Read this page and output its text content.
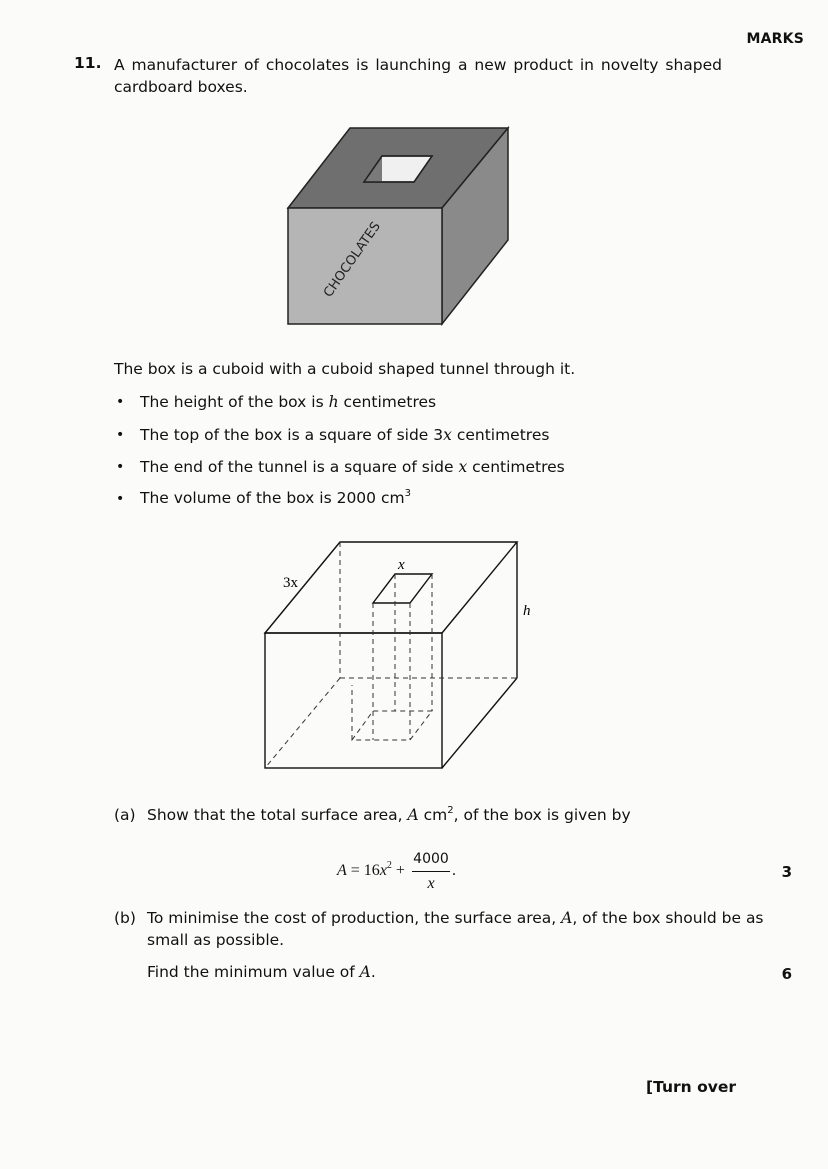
MARKS
11. A manufacturer of chocolates is launching a new product in novelty shaped cardboard boxes.
CHOCOLATES
The box is a cuboid with a cuboid shaped tunnel through it.
• The height of the box is h centimetres
• The top of the box is a square of side 3x centimetres
• The end of the tunnel is a square of side x centimetres
• The volume of the box is 2000 $cm^3$
3x
x
h
(a) Show that the total surface area, A $cm^2$, of the box is given by
$A = 16x^2$ +
4000
x
.	3
(b) To minimise the cost of production, the surface area, A, of the box should be as
small as possible.
Find the minimum value of A.	6
[Turn over
